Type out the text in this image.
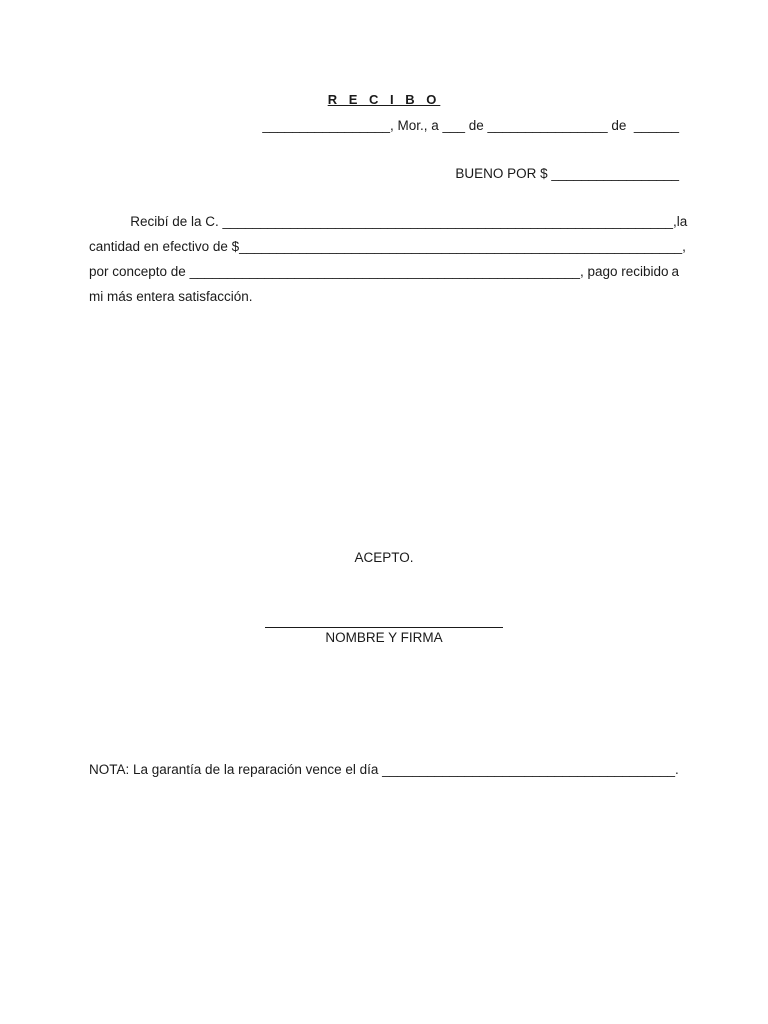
R E C I B O
_________________, Mor., a ___ de ________________ de  ______
BUENO POR $ _________________
Recibí de la C. ____________________________________________________________, la
cantidad en efectivo de $ ___________________________________________________________,
por concepto de ____________________________________________________, pago recibido a
mi más entera satisfacción.
ACEPTO.
NOMBRE Y FIRMA
NOTA: La garantía de la reparación vence el día _______________________________________.
